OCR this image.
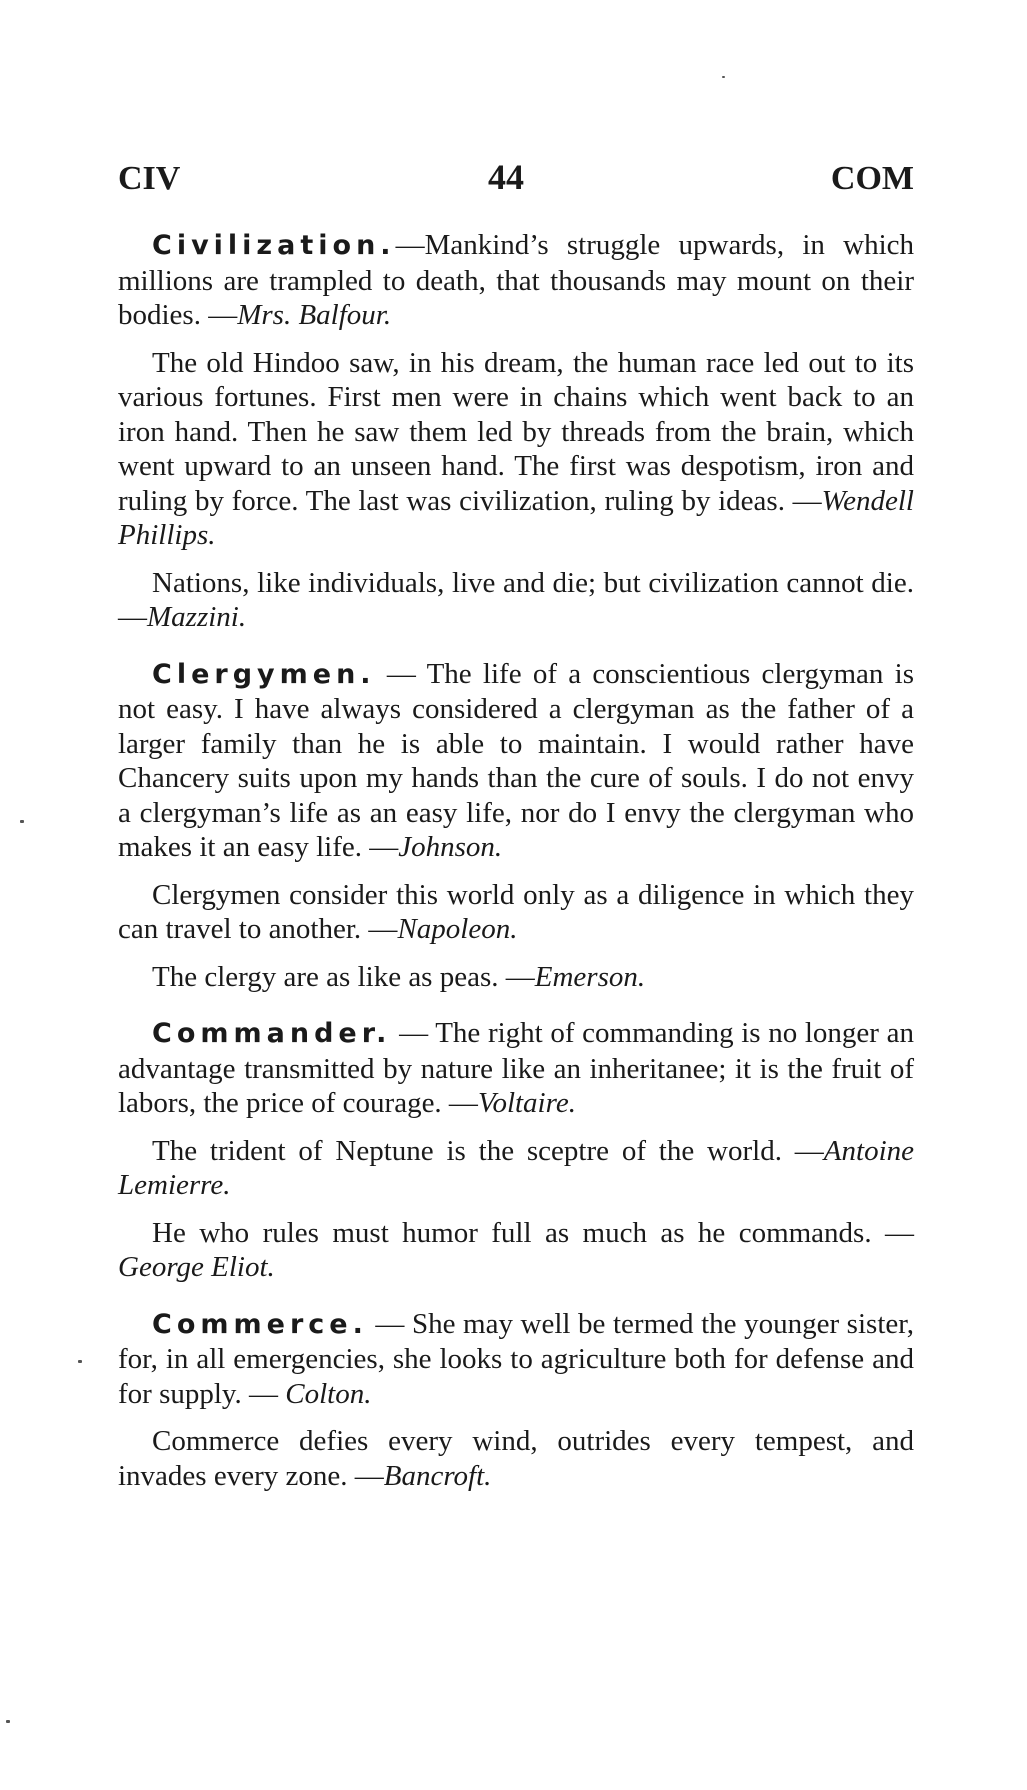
CIV	44	COM

Civilization.—Mankind’s struggle upwards, in which millions are trampled to death, that thousands may mount on their bodies. —Mrs. Balfour.

The old Hindoo saw, in his dream, the human race led out to its various fortunes. First men were in chains which went back to an iron hand. Then he saw them led by threads from the brain, which went upward to an unseen hand. The first was despotism, iron and ruling by force. The last was civilization, ruling by ideas. —Wendell Phillips.

Nations, like individuals, live and die; but civilization cannot die. —Mazzini.

Clergymen. — The life of a conscientious clergyman is not easy. I have always considered a clergyman as the father of a larger family than he is able to maintain. I would rather have Chancery suits upon my hands than the cure of souls. I do not envy a clergyman’s life as an easy life, nor do I envy the clergyman who makes it an easy life. —Johnson.

Clergymen consider this world only as a diligence in which they can travel to another. —Napoleon.

The clergy are as like as peas. —Emerson.

Commander. — The right of commanding is no longer an advantage transmitted by nature like an inheritanee; it is the fruit of labors, the price of courage. —Voltaire.

The trident of Neptune is the sceptre of the world. —Antoine Lemierre.

He who rules must humor full as much as he commands. — George Eliot.

Commerce. — She may well be termed the younger sister, for, in all emergencies, she looks to agriculture both for defense and for supply. — Colton.

Commerce defies every wind, outrides every tempest, and invades every zone. —Bancroft.
